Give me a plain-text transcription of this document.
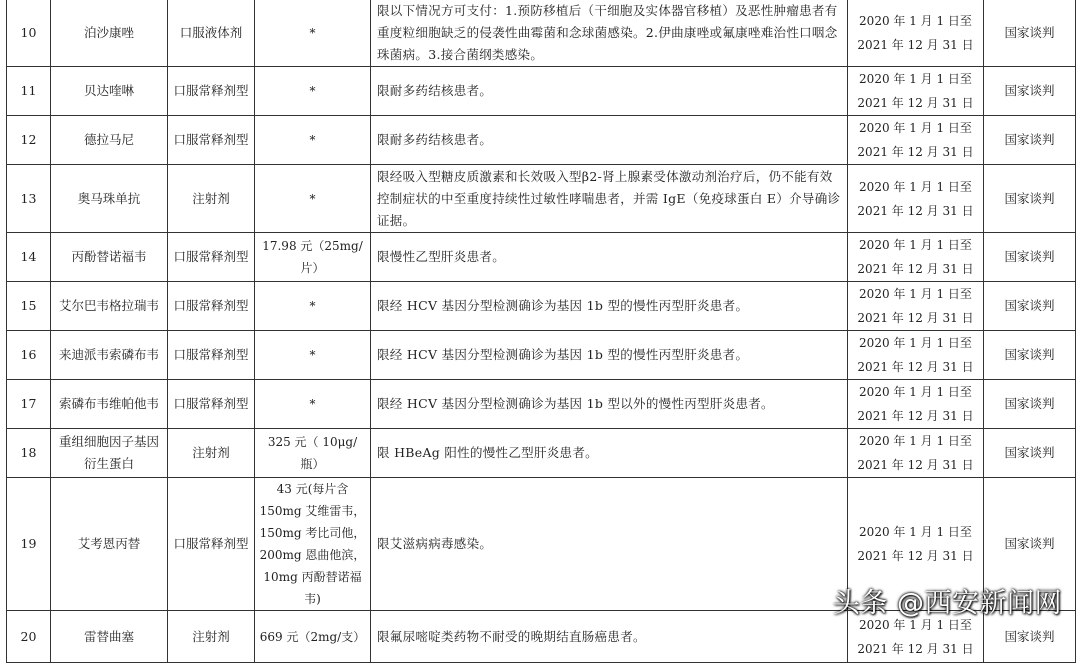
10	泊沙康唑	口服液体剂	*	限以下情况方可支付：1.预防移植后（干细胞及实体器官移植）及恶性肿瘤患者有重度粒细胞缺乏的侵袭性曲霉菌和念球菌感染。2.伊曲康唑或氟康唑难治性口咽念珠菌病。3.接合菌纲类感染。	2020 年 1 月 1 日至 2021 年 12 月 31 日	国家谈判
11	贝达喹啉	口服常释剂型	*	限耐多药结核患者。	2020 年 1 月 1 日至 2021 年 12 月 31 日	国家谈判
12	德拉马尼	口服常释剂型	*	限耐多药结核患者。	2020 年 1 月 1 日至 2021 年 12 月 31 日	国家谈判
13	奥马珠单抗	注射剂	*	限经吸入型糖皮质激素和长效吸入型β2-肾上腺素受体激动剂治疗后，仍不能有效控制症状的中至重度持续性过敏性哮喘患者，并需 IgE（免疫球蛋白 E）介导确诊证据。	2020 年 1 月 1 日至 2021 年 12 月 31 日	国家谈判
14	丙酚替诺福韦	口服常释剂型	17.98 元（25mg/片）	限慢性乙型肝炎患者。	2020 年 1 月 1 日至 2021 年 12 月 31 日	国家谈判
15	艾尔巴韦格拉瑞韦	口服常释剂型	*	限经 HCV 基因分型检测确诊为基因 1b 型的慢性丙型肝炎患者。	2020 年 1 月 1 日至 2021 年 12 月 31 日	国家谈判
16	来迪派韦索磷布韦	口服常释剂型	*	限经 HCV 基因分型检测确诊为基因 1b 型的慢性丙型肝炎患者。	2020 年 1 月 1 日至 2021 年 12 月 31 日	国家谈判
17	索磷布韦维帕他韦	口服常释剂型	*	限经 HCV 基因分型检测确诊为基因 1b 型以外的慢性丙型肝炎患者。	2020 年 1 月 1 日至 2021 年 12 月 31 日	国家谈判
18	重组细胞因子基因衍生蛋白	注射剂	325 元（ 10μg/瓶）	限 HBeAg 阳性的慢性乙型肝炎患者。	2020 年 1 月 1 日至 2021 年 12 月 31 日	国家谈判
19	艾考恩丙替	口服常释剂型	43 元(每片含 150mg 艾维雷韦，150mg 考比司他，200mg 恩曲他滨，10mg 丙酚替诺福韦)	限艾滋病病毒感染。	2020 年 1 月 1 日至 2021 年 12 月 31 日	国家谈判
20	雷替曲塞	注射剂	669 元（2mg/支）	限氟尿嘧啶类药物不耐受的晚期结直肠癌患者。	2020 年 1 月 1 日至 2021 年 12 月 31 日	国家谈判
头条 @西安新闻网
